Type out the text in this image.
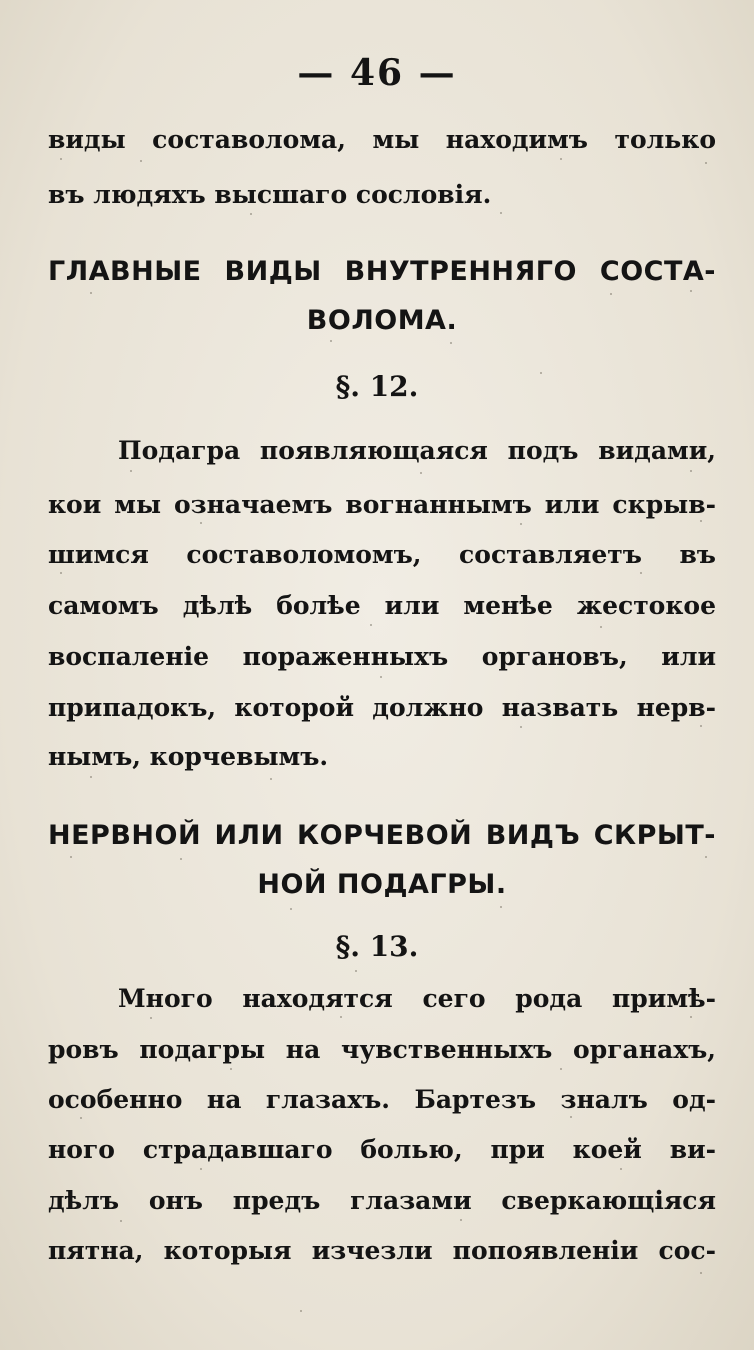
— 46 —
виды составолома, мы находимъ только
въ людяхъ высшаго сословія.
ГЛАВНЫЕ ВИДЫ ВНУТРЕННЯГО СОСТА-
ВОЛОМА.
§. 12.
Подагра появляющаяся подъ видами,
кои мы означаемъ вогнаннымъ или скрыв-
шимся составоломомъ, составляетъ въ
самомъ дѣлѣ болѣе или менѣе жестокое
воспаленіе пораженныхъ органовъ, или
припадокъ, которой должно назвать нерв-
нымъ, корчевымъ.
НЕРВНОЙ ИЛИ КОРЧЕВОЙ ВИДЪ СКРЫТ-
НОЙ ПОДАГРЫ.
§. 13.
Много находятся сего рода примѣ-
ровъ подагры на чувственныхъ органахъ,
особенно на глазахъ. Бартезъ зналъ од-
ного страдавшаго болью, при коей ви-
дѣлъ онъ предъ глазами сверкающіяся
пятна, которыя изчезли попоявленіи сос-
